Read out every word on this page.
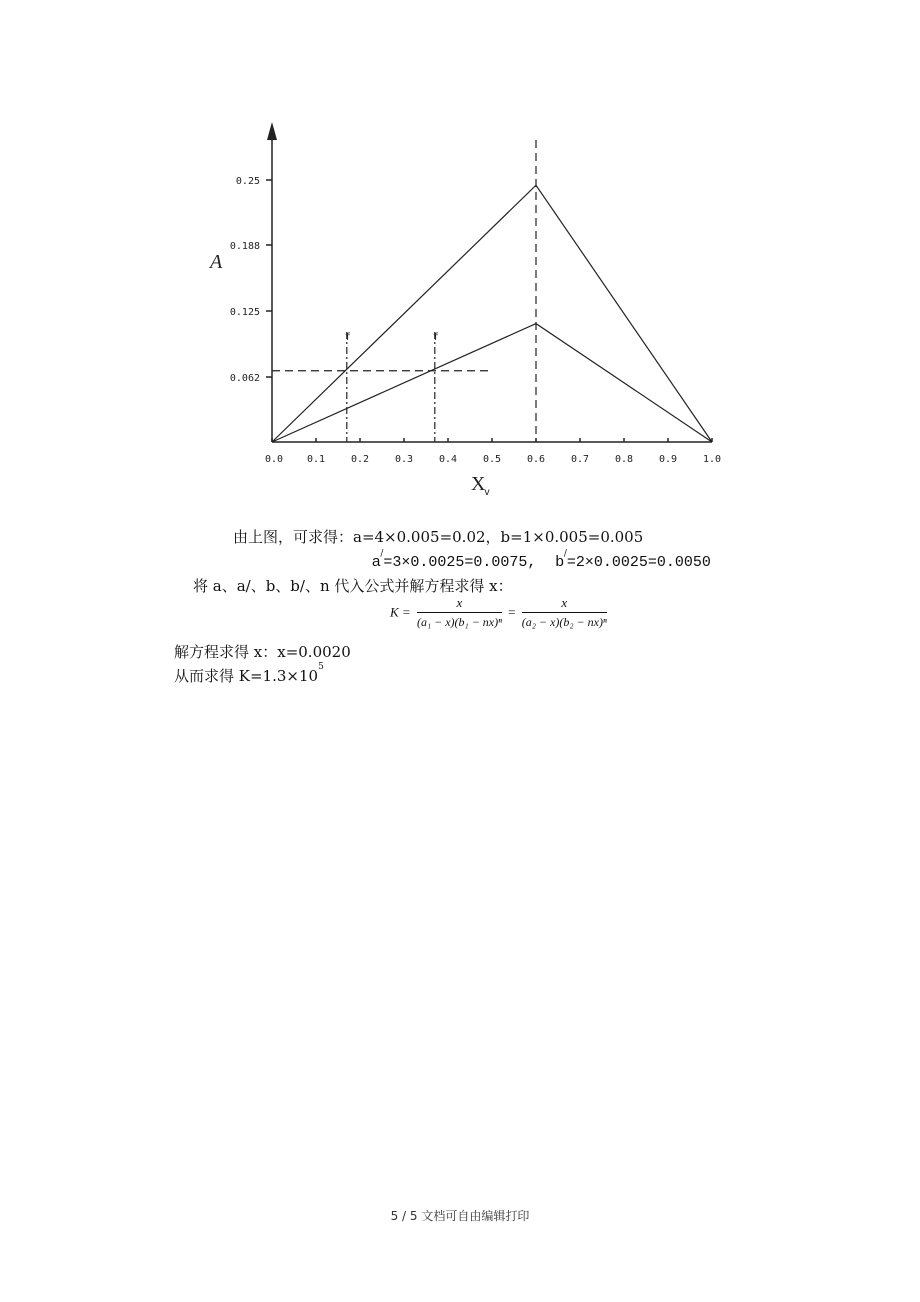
0.062
0.125
0.188
0.25
0.0 0.1	0.2	0.3	0.4	0.5	0.6	0.7	0.8	0.9	1.0
A
X
v
f	f
由上图，可求得：a=4×0.005=0.02，b=1×0.005=0.005
a/=3×0.0025=0.0075, b/=2×0.0025=0.0050
将 a、a/、b、b/、n 代入公式并解方程求得 x：
$K = \frac{x}{\text{(a₁ − x)(b₁ − nx)ⁿ}} = \frac{x}{\text{(a₂ − x)(b₂ − nx)ⁿ}}$
解方程求得 x：x=0.0020
从而求得 $K=1.3\times 10^5$
5 / 5 文档可自由编辑打印
